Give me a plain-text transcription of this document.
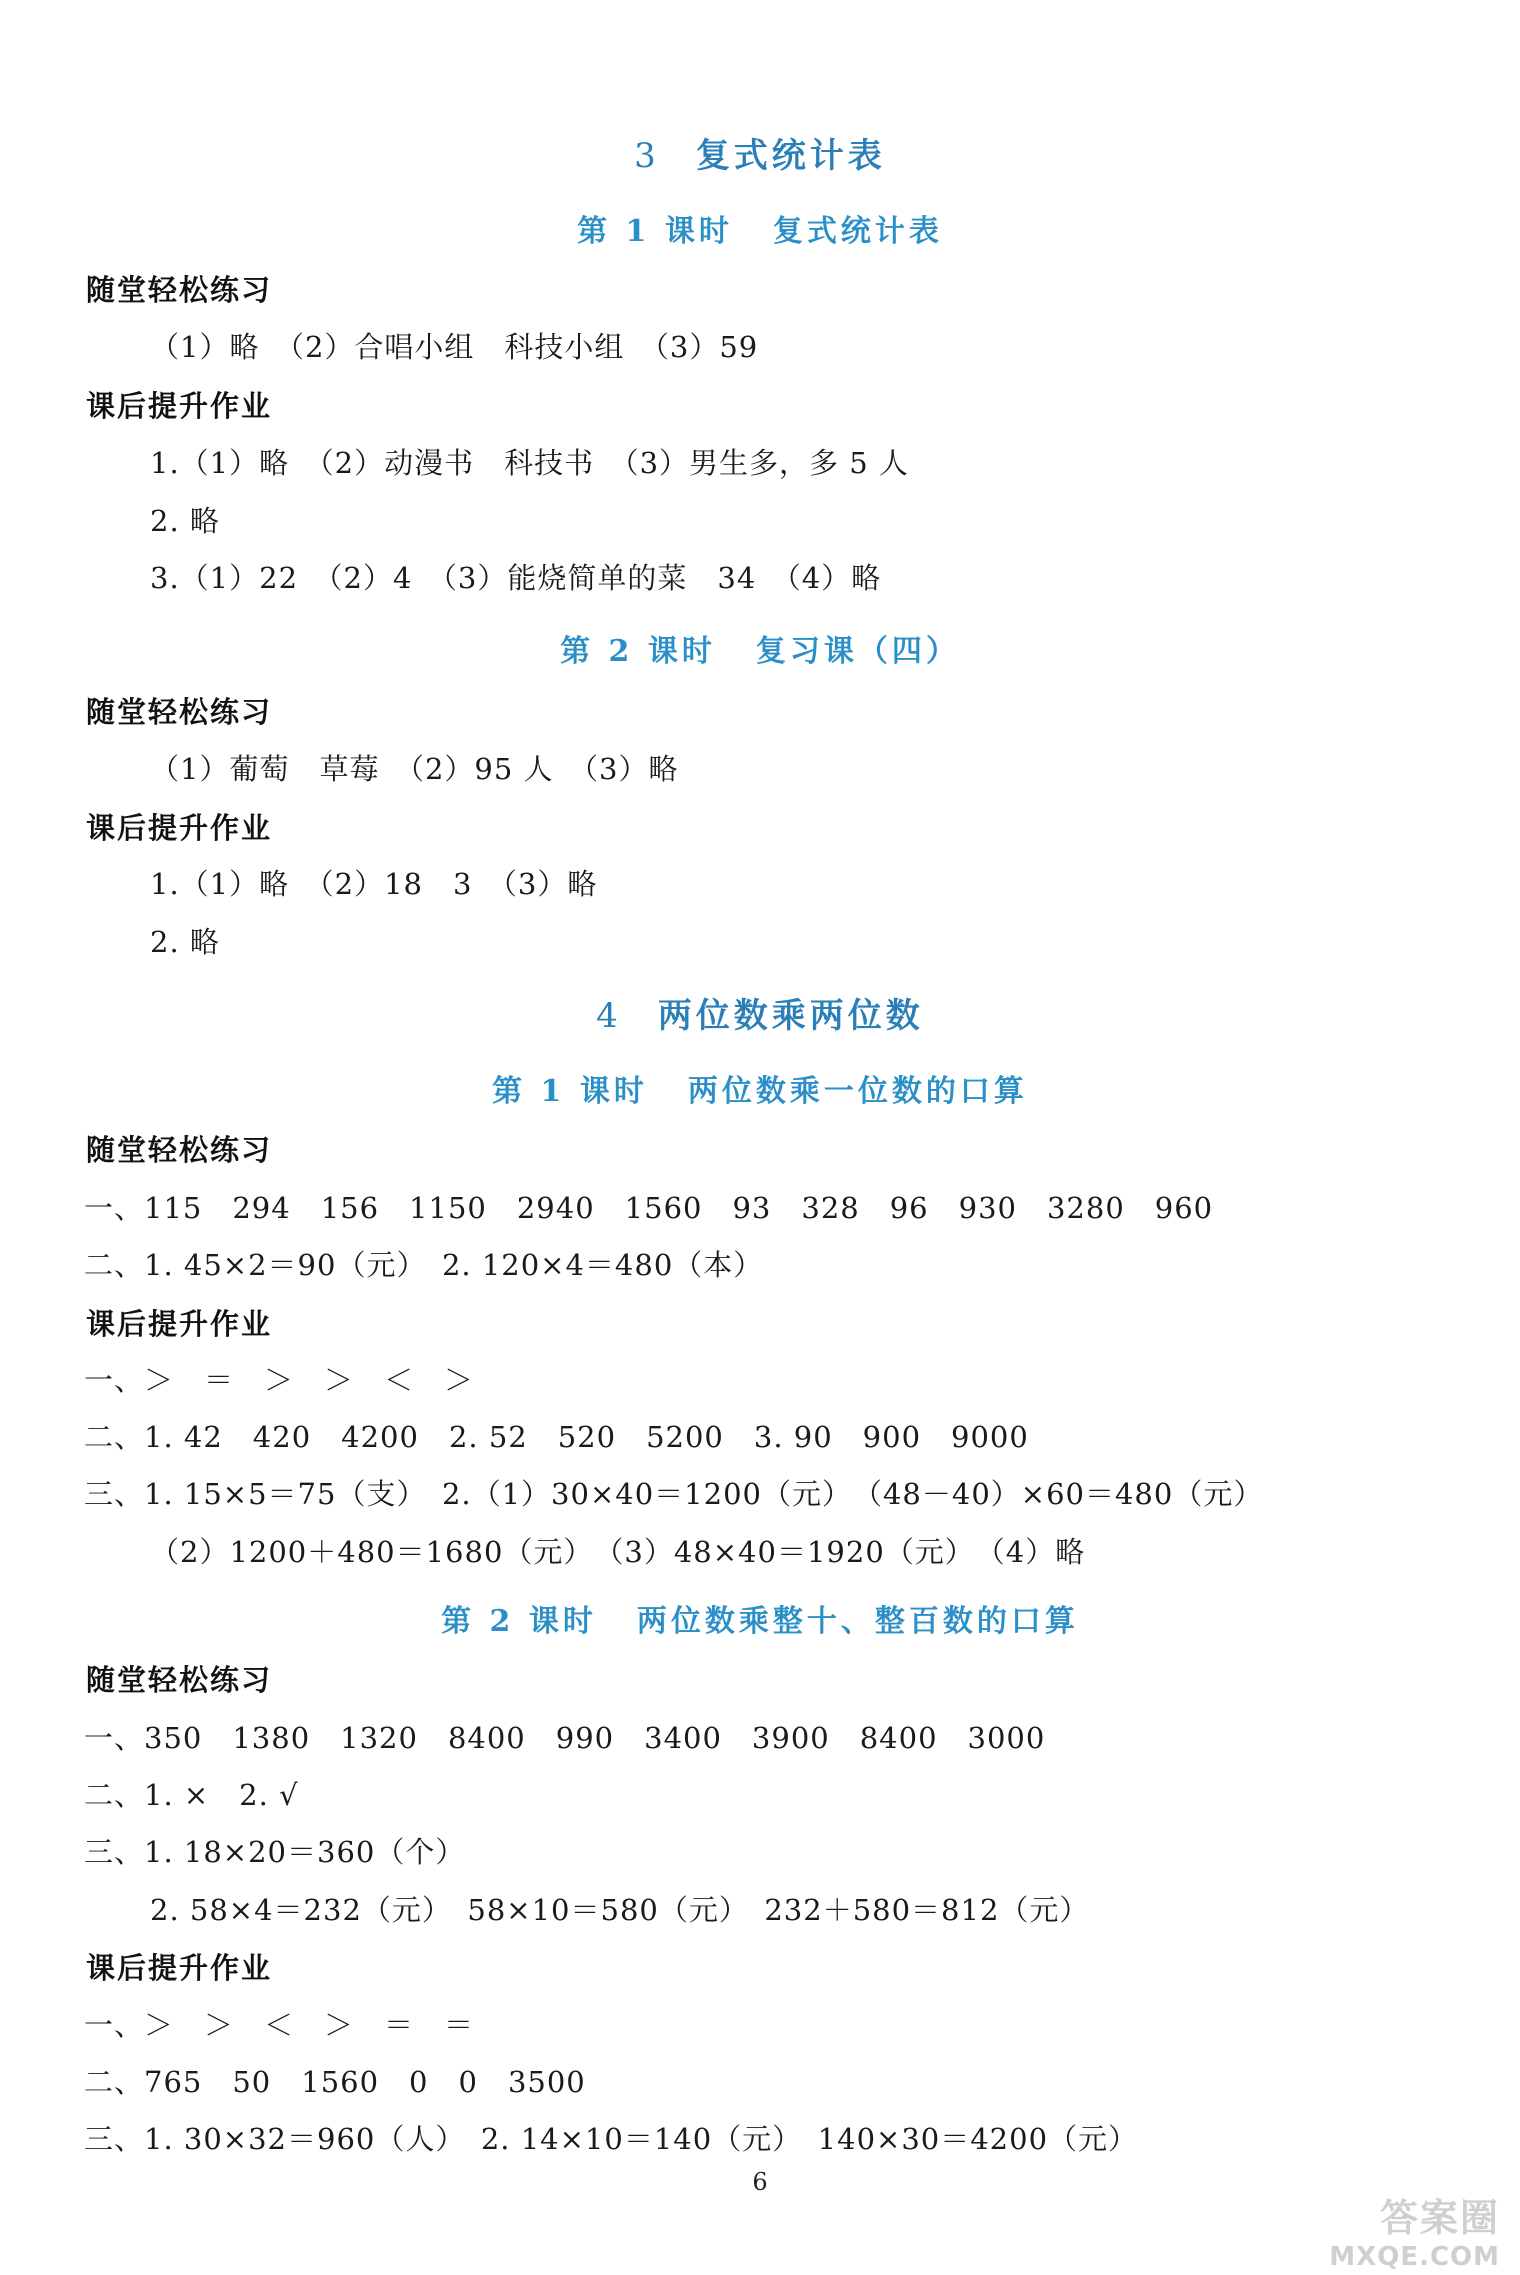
3 复式统计表
第 1 课时 复式统计表
随堂轻松练习
（1）略　（2）合唱小组　科技小组　（3）59
课后提升作业
1.（1）略　（2）动漫书　科技书　（3）男生多，多 5 人
2. 略
3.（1）22　（2）4　（3）能烧简单的菜　34　（4）略
第 2 课时 复习课（四）
随堂轻松练习
（1）葡萄　草莓　（2）95 人　（3）略
课后提升作业
1.（1）略　（2）18　3　（3）略
2. 略
4 两位数乘两位数
第 1 课时 两位数乘一位数的口算
随堂轻松练习
一、115　294　156　1150　2940　1560　93　328　96　930　3280　960
二、1. 45×2＝90（元）　2. 120×4＝480（本）
课后提升作业
一、＞　＝　＞　＞　＜　＞
二、1. 42　420　4200　2. 52　520　5200　3. 90　900　9000
三、1. 15×5＝75（支）　2.（1）30×40＝1200（元）　（48－40）×60＝480（元）
（2）1200＋480＝1680（元）　（3）48×40＝1920（元）　（4）略
第 2 课时 两位数乘整十、整百数的口算
随堂轻松练习
一、350　1380　1320　8400　990　3400　3900　8400　3000
二、1. ×　2. √
三、1. 18×20＝360（个）
2. 58×4＝232（元）　58×10＝580（元）　232＋580＝812（元）
课后提升作业
一、＞　＞　＜　＞　＝　＝
二、765　50　1560　0　0　3500
三、1. 30×32＝960（人）　2. 14×10＝140（元）　140×30＝4200（元）
6
答案圈
MXQE.COM
